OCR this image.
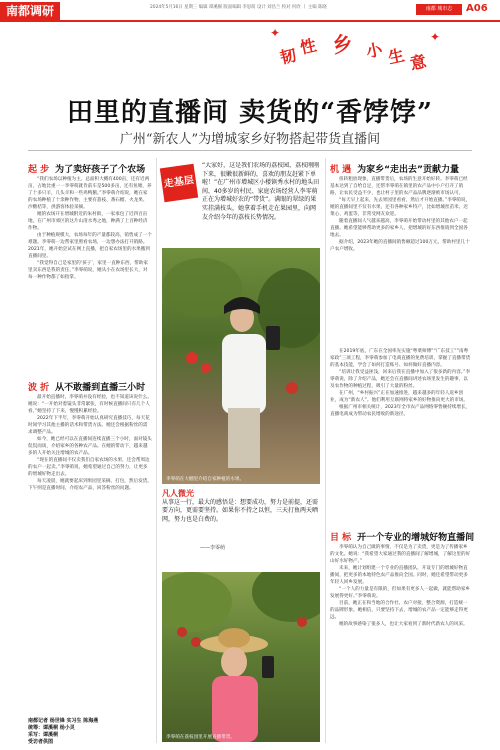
南都调研	2024年5月16日 星期三 编辑 谭溪桐 版面编辑 李思萌 设计 刘昌兰 校对 何欣 丨 主编 陈晓	南都 城市志	A06
韧 性 乡 小 生 意
✦	✦
田里的直播间 卖货的“香饽饽”
广州“新农人”为增城家乡好物搭起带货直播间
起 步 为了卖好孩子了个农场

“我们农场以种植为主，总面积大概有400亩，还有近两亩，占地比重一一李零萌就肯前车是500多亩，还有鱼塘，养了十多只羊，几头羊和一些鸡鸭鹅。”李零萌介绍说，她在家的农场种植了十余种作物，主要有荔枝、番石榴、火龙果、沙糖桔等，供游客体验采摘。

她的农场开在增城附近的朱村街，一家承包了近四百亩地，在广州市郊区的这片山清水秀之地，种满了上百种经济作物。

由于种植规模大，农场每年的产量都较高，销售成了一个难题。李零萌一边帮家里照看农场，一边想办法打开销路。2021年，她开始尝试在网上直播，把自家农场里的水果搬到直播间里。

“我觉得自己是家里的‘孩子’，家里一直种东西，帮助家里卖东西是我的责任。”李零萌说，她从小在农场里长大，对每一种作物都了如指掌。

波 折 从不敢播到直播三小时

最开始直播时，李零萌并没有经验，也不知道该说什么。她说：“一开始对着镜头非常紧张，有时候直播间只有几个人看。”她坚持了下来，慢慢积累经验。

2022年下半年，李零萌开始认真研究直播技巧，每天花时间学习其他主播的话术和带货方法。她还会根据粉丝的需求调整产品。

如今，她已经可以在直播间连续直播三个小时，面对镜头侃侃而谈，介绍家乡的各种农产品。在她的带动下，越来越多的人开始关注增城的农产品。

“现在的直播间不仅卖我们自家农场的水果，还会帮周边的农户一起卖。”李零萌说，她希望通过自己的努力，让更多的增城好物走出去。

每天凌晨，她就要起床到果园里采摘、打包，然后发货。下午则是直播时间，介绍农产品，回答粉丝的问题。

南都记者 杨世锋 实习生 陈海燕
统筹：谭溪桐 杨小灵
采写：谭溪桐
受访者供图
走基层
“大家好，这是我们农场的荔枝园，荔枝刚刚下来，很嫩很新鲜的，喜欢的朋友赶紧下单啦！”在广州市增城区小楼镇秀水村的地头田间，40多岁的村民、家庭农场经营人李零萌正在为增城好农的“带货”。满眼的翠绿的果实挂满枝头，她拿着手机走在果园里，向网友介绍今年的荔枝长势情况。
李零萌在大棚里介绍自家种植的水果。
凡人微光
从事这一行，最大的感悟是：想要成功，努力是前提，还需要方向，更需要坚持。如果你不持之以恒，三天打鱼两天晒网，努力也是白费的。
——李零萌
李零萌在荔枝园里开展直播带货。
机 遇 为家乡“走出去”贡献力量

扭转粗放现象，直播带货后，农场的生意开始好转。李零萌已经基本达到了自给自足，还帮李零萌在镇里的农产品中小户打开了销路，让农民受益不少，也让村子里的农产品品牌逐渐被市场认可。

“每天早上起来，先去果园里看看，然后才开始直播。”李零萌说，她的直播间里不仅有水果，还有各种家乡特产，比如增城丝苗米、迟菜心、鸡蛋等，非常受网友欢迎。

随着直播间人气越来越高，李零萌开始带动村里的其他农户一起直播。她希望能够帮助更多的家乡人，把增城的好东西推销到全国各地去。

据介绍，2023年她的直播间销售额超过100万元，帮助村里几十户农户增收。

在2019年底，广东在全国率先实施“粤菜师傅”“广东技工”“南粤家政”三项工程，李零萌参加了电商直播的免费培训，掌握了直播带货的基本技能，学会了如何打造账号、如何做好直播内容。

“培训让我受益匪浅，回来后我在直播中加入了很多新的内容。”李零萌说，除了介绍产品，她还会在直播间讲述农场里发生的趣事，以及农作物的种植过程，吸引了大量的粉丝。

在广州，“乡村振兴”正在加速推进，越来越多的年轻人返乡创业，成为“新农人”。他们利用互联网将家乡的好物推向更大的市场。

根据广州市相关统计，2023年全市农产品网络零售额持续增长，直播电商成为带动农民增收的新途径。

目 标 开一个专业的增城好物直播间

李零萌认为自己做的事情，不仅是为了卖货，更是为了传播家乡的文化。她说：“我希望大家通过我的直播间了解增城，了解这里的好山好水好物产。”

未来，她计划组建一个专业的直播团队，开设专门的增城好物直播间，把更多的本地特色农产品推向全国。同时，她还希望带动更多年轻人回乡发展。

“一个人的力量是有限的，但如果有更多人一起做，就能帮助家乡发展得更好。”李零萌说。

目前，她正在和当地的合作社、农户对接，整合资源，打造统一的品牌形象。她相信，只要坚持下去，增城的农产品一定能够走得更远。

她的故事感染了很多人，也让大家看到了新时代新农人的风采。
